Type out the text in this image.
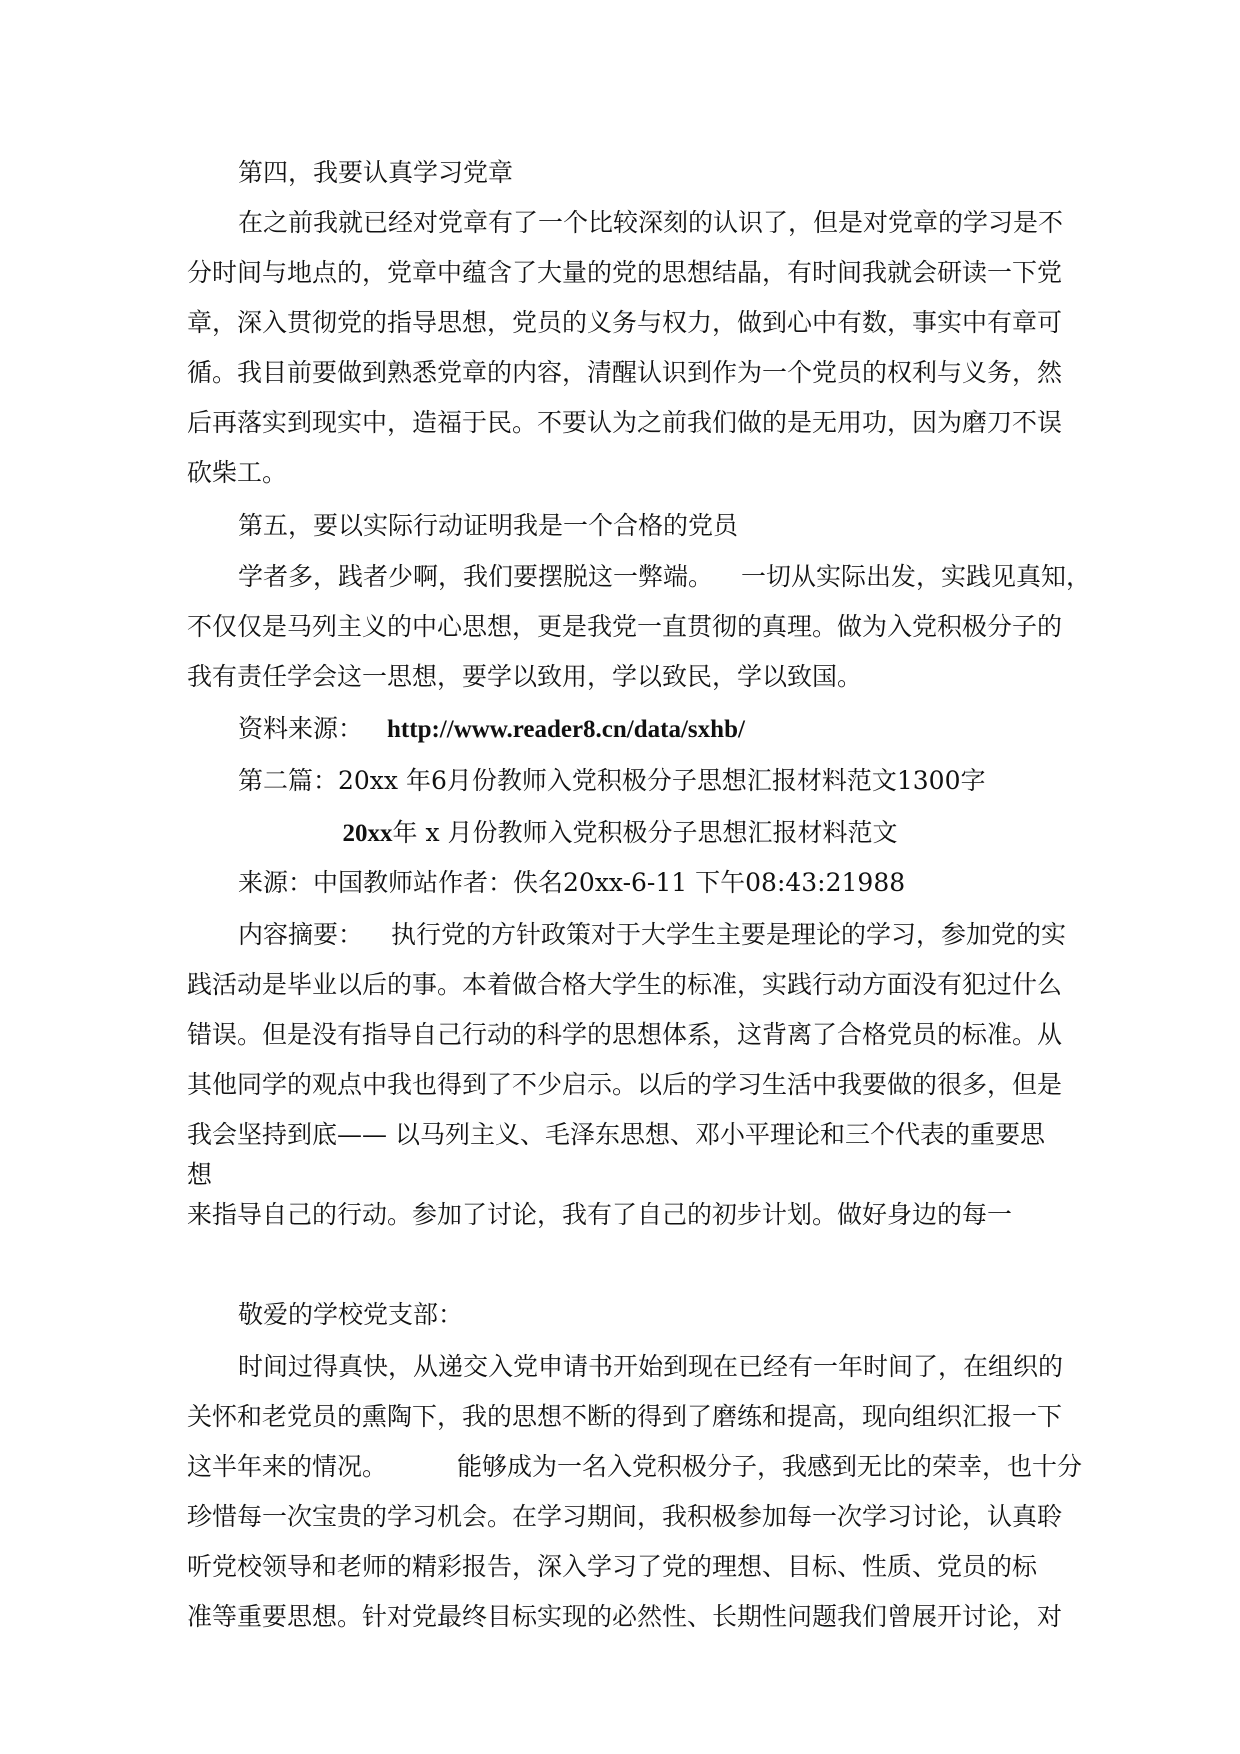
第四，我要认真学习党章
在之前我就已经对党章有了一个比较深刻的认识了，但是对党章的学习是不
分时间与地点的，党章中蕴含了大量的党的思想结晶，有时间我就会研读一下党
章，深入贯彻党的指导思想，党员的义务与权力，做到心中有数，事实中有章可
循。我目前要做到熟悉党章的内容，清醒认识到作为一个党员的权利与义务，然
后再落实到现实中，造福于民。不要认为之前我们做的是无用功，因为磨刀不误
砍柴工。
第五，要以实际行动证明我是一个合格的党员
学者多，践者少啊，我们要摆脱这一弊端。 一切从实际出发，实践见真知，
不仅仅是马列主义的中心思想，更是我党一直贯彻的真理。做为入党积极分子的
我有责任学会这一思想，要学以致用，学以致民，学以致国。
资料来源： http://www.reader8.cn/data/sxhb/
第二篇：20xx 年6月份教师入党积极分子思想汇报材料范文1300字
20xx年 x 月份教师入党积极分子思想汇报材料范文
来源：中国教师站作者：佚名20xx-6-11 下午08:43:21988
内容摘要： 执行党的方针政策对于大学生主要是理论的学习，参加党的实
践活动是毕业以后的事。本着做合格大学生的标准，实践行动方面没有犯过什么
错误。但是没有指导自己行动的科学的思想体系，这背离了合格党员的标准。从
其他同学的观点中我也得到了不少启示。以后的学习生活中我要做的很多，但是
我会坚持到底—— 以马列主义、毛泽东思想、邓小平理论和三个代表的重要思
想
来指导自己的行动。参加了讨论，我有了自己的初步计划。做好身边的每一
敬爱的学校党支部：
时间过得真快，从递交入党申请书开始到现在已经有一年时间了，在组织的
关怀和老党员的熏陶下，我的思想不断的得到了磨练和提高，现向组织汇报一下
这半年来的情况。	能够成为一名入党积极分子，我感到无比的荣幸，也十分
珍惜每一次宝贵的学习机会。在学习期间，我积极参加每一次学习讨论，认真聆
听党校领导和老师的精彩报告，深入学习了党的理想、目标、性质、党员的标
准等重要思想。针对党最终目标实现的必然性、长期性问题我们曾展开讨论，对
